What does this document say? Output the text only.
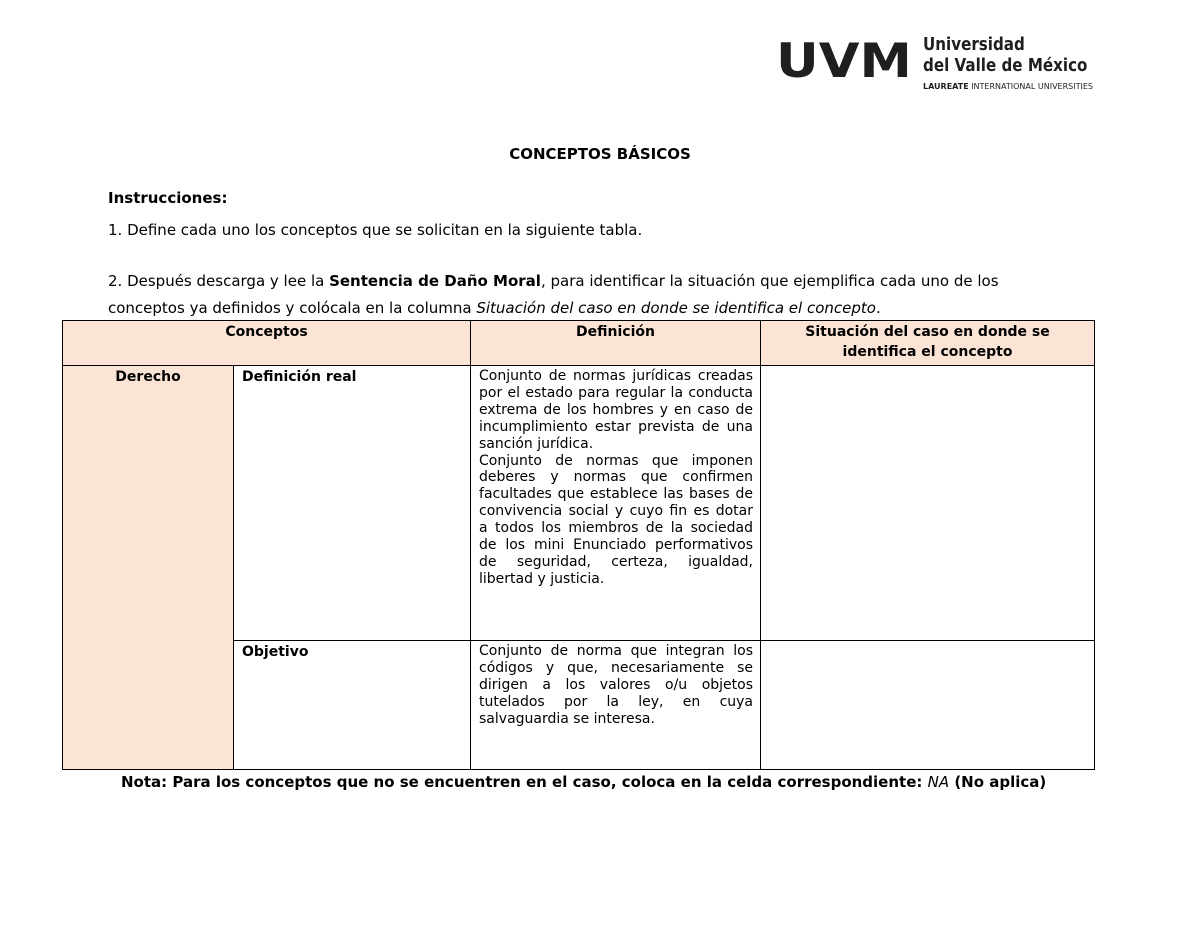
UVM Universidad
del Valle de México
LAUREATE INTERNATIONAL UNIVERSITIES
CONCEPTOS BÁSICOS
Instrucciones:
1. Define cada uno los conceptos que se solicitan en la siguiente tabla.
2. Después descarga y lee la Sentencia de Daño Moral, para identificar la situación que ejemplifica cada uno de los
conceptos ya definidos y colócala en la columna Situación del caso en donde se identifica el concepto.
Conceptos		Definición	Situación del caso en donde se identifica el concepto
Derecho	Definición real	Conjunto de normas jurídicas creadas por el estado para regular la conducta extrema de los hombres y en caso de incumplimiento estar prevista de una sanción jurídica.

Conjunto de normas que imponen deberes y normas que confirmen facultades que establece las bases de convivencia social y cuyo fin es dotar a todos los miembros de la sociedad de los mini Enunciado performativos de seguridad, certeza, igualdad, libertad y justicia.	

	Objetivo	Conjunto de norma que integran los códigos y que, necesariamente se dirigen a los valores o/u objetos tutelados por la ley, en cuya salvaguardia se interesa.	

Nota: Para los conceptos que no se encuentren en el caso, coloca en la celda correspondiente: NA (No aplica)
